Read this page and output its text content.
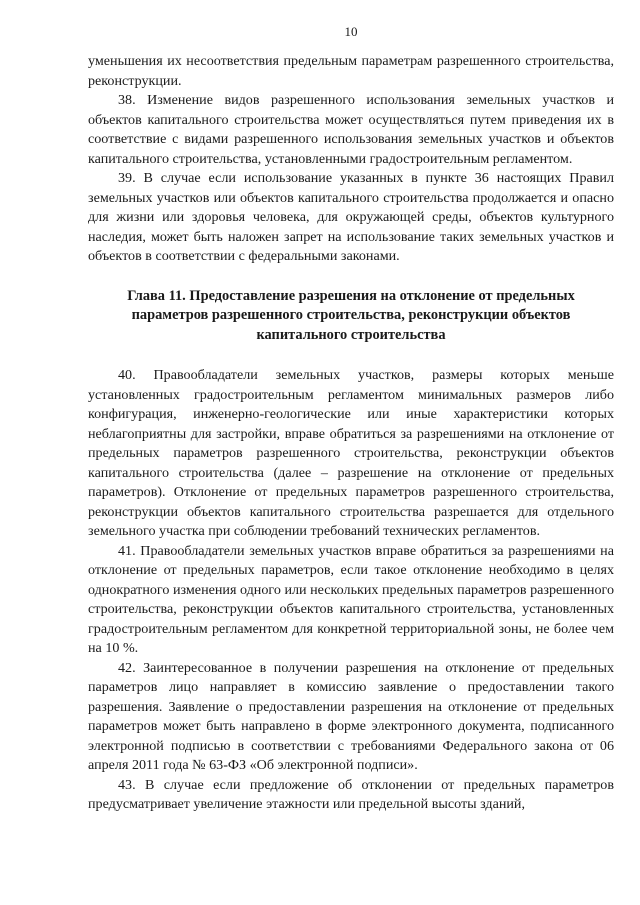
10

уменьшения их несоответствия предельным параметрам разрешенного строительства, реконструкции.

38. Изменение видов разрешенного использования земельных участков и объектов капитального строительства может осуществляться путем приведения их в соответствие с видами разрешенного использования земельных участков и объектов капитального строительства, установленными градостроительным регламентом.

39. В случае если использование указанных в пункте 36 настоящих Правил земельных участков или объектов капитального строительства продолжается и опасно для жизни или здоровья человека, для окружающей среды, объектов культурного наследия, может быть наложен запрет на использование таких земельных участков и объектов в соответствии с федеральными законами.

Глава 11. Предоставление разрешения на отклонение от предельных параметров разрешенного строительства, реконструкции объектов капитального строительства

40. Правообладатели земельных участков, размеры которых меньше установленных градостроительным регламентом минимальных размеров либо конфигурация, инженерно-геологические или иные характеристики которых неблагоприятны для застройки, вправе обратиться за разрешениями на отклонение от предельных параметров разрешенного строительства, реконструкции объектов капитального строительства (далее – разрешение на отклонение от предельных параметров). Отклонение от предельных параметров разрешенного строительства, реконструкции объектов капитального строительства разрешается для отдельного земельного участка при соблюдении требований технических регламентов.

41. Правообладатели земельных участков вправе обратиться за разрешениями на отклонение от предельных параметров, если такое отклонение необходимо в целях однократного изменения одного или нескольких предельных параметров разрешенного строительства, реконструкции объектов капитального строительства, установленных градостроительным регламентом для конкретной территориальной зоны, не более чем на 10 %.

42. Заинтересованное в получении разрешения на отклонение от предельных параметров лицо направляет в комиссию заявление о предоставлении такого разрешения. Заявление о предоставлении разрешения на отклонение от предельных параметров может быть направлено в форме электронного документа, подписанного электронной подписью в соответствии с требованиями Федерального закона от 06 апреля 2011 года № 63-ФЗ «Об электронной подписи».

43. В случае если предложение об отклонении от предельных параметров предусматривает увеличение этажности или предельной высоты зданий,
